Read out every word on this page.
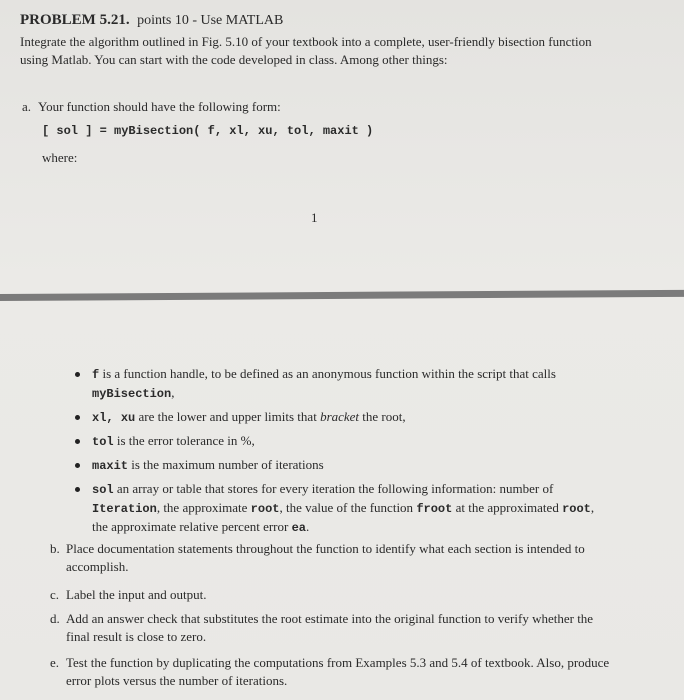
PROBLEM 5.21. points 10 - Use MATLAB
Integrate the algorithm outlined in Fig. 5.10 of your textbook into a complete, user-friendly bisection function using Matlab. You can start with the code developed in class. Among other things:
a. Your function should have the following form:
[ sol ] = myBisection( f, xl, xu, tol, maxit )
where:
1
f is a function handle, to be defined as an anonymous function within the script that calls myBisection,
xl, xu are the lower and upper limits that bracket the root,
tol is the error tolerance in %,
maxit is the maximum number of iterations
sol an array or table that stores for every iteration the following information: number of Iteration, the approximate root, the value of the function froot at the approximated root, the approximate relative percent error ea.
b. Place documentation statements throughout the function to identify what each section is intended to accomplish.
c. Label the input and output.
d. Add an answer check that substitutes the root estimate into the original function to verify whether the final result is close to zero.
e. Test the function by duplicating the computations from Examples 5.3 and 5.4 of textbook. Also, produce error plots versus the number of iterations.
